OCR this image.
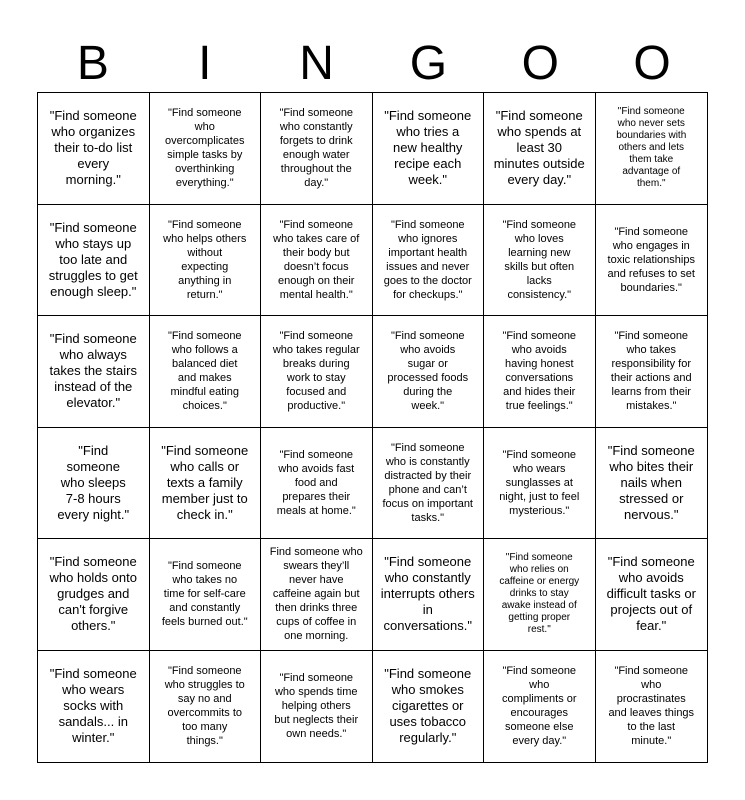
B	I	N	G	O	O
"Find someone who organizes their to-do list every morning."
"Find someone who overcomplicates simple tasks by overthinking everything."
"Find someone who constantly forgets to drink enough water throughout the day."
"Find someone who tries a new healthy recipe each week."
"Find someone who spends at least 30 minutes outside every day."
"Find someone who never sets boundaries with others and lets them take advantage of them."
"Find someone who stays up too late and struggles to get enough sleep."
"Find someone who helps others without expecting anything in return."
"Find someone who takes care of their body but doesn’t focus enough on their mental health."
"Find someone who ignores important health issues and never goes to the doctor for checkups."
"Find someone who loves learning new skills but often lacks consistency."
"Find someone who engages in toxic relationships and refuses to set boundaries."
"Find someone who always takes the stairs instead of the elevator."
"Find someone who follows a balanced diet and makes mindful eating choices."
"Find someone who takes regular breaks during work to stay focused and productive."
"Find someone who avoids sugar or processed foods during the week."
"Find someone who avoids having honest conversations and hides their true feelings."
"Find someone who takes responsibility for their actions and learns from their mistakes."
"Find someone who sleeps 7-8 hours every night."
"Find someone who calls or texts a family member just to check in."
"Find someone who avoids fast food and prepares their meals at home."
"Find someone who is constantly distracted by their phone and can’t focus on important tasks."
"Find someone who wears sunglasses at night, just to feel mysterious."
"Find someone who bites their nails when stressed or nervous."
"Find someone who holds onto grudges and can't forgive others."
"Find someone who takes no time for self-care and constantly feels burned out."
Find someone who swears they’ll never have caffeine again but then drinks three cups of coffee in one morning.
"Find someone who constantly interrupts others in conversations."
"Find someone who relies on caffeine or energy drinks to stay awake instead of getting proper rest."
"Find someone who avoids difficult tasks or projects out of fear."
"Find someone who wears socks with sandals... in winter."
"Find someone who struggles to say no and overcommits to too many things."
"Find someone who spends time helping others but neglects their own needs."
"Find someone who smokes cigarettes or uses tobacco regularly."
"Find someone who compliments or encourages someone else every day."
"Find someone who procrastinates and leaves things to the last minute."
